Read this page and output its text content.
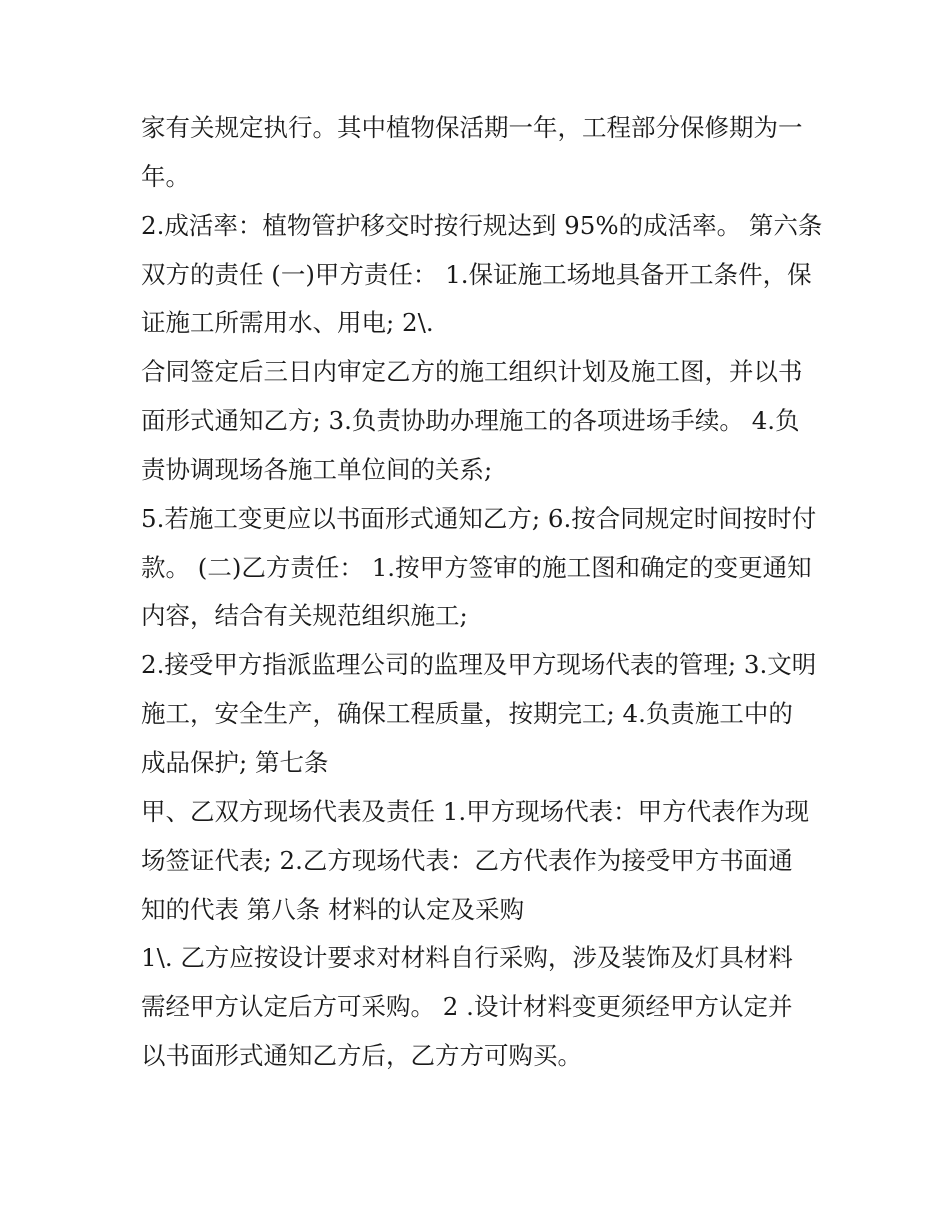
家有关规定执行。其中植物保活期一年，工程部分保修期为一
年。
2.成活率：植物管护移交时按行规达到 95%的成活率。 第六条
双方的责任 (一)甲方责任： 1.保证施工场地具备开工条件，保
证施工所需用水、用电; 2\.
合同签定后三日内审定乙方的施工组织计划及施工图，并以书
面形式通知乙方; 3.负责协助办理施工的各项进场手续。 4.负
责协调现场各施工单位间的关系;
5.若施工变更应以书面形式通知乙方; 6.按合同规定时间按时付
款。 (二)乙方责任： 1.按甲方签审的施工图和确定的变更通知
内容，结合有关规范组织施工;
2.接受甲方指派监理公司的监理及甲方现场代表的管理; 3.文明
施工，安全生产，确保工程质量，按期完工; 4.负责施工中的
成品保护; 第七条
甲、乙双方现场代表及责任 1.甲方现场代表：甲方代表作为现
场签证代表; 2.乙方现场代表：乙方代表作为接受甲方书面通
知的代表 第八条 材料的认定及采购
1\. 乙方应按设计要求对材料自行采购，涉及装饰及灯具材料
需经甲方认定后方可采购。 2 .设计材料变更须经甲方认定并
以书面形式通知乙方后，乙方方可购买。
